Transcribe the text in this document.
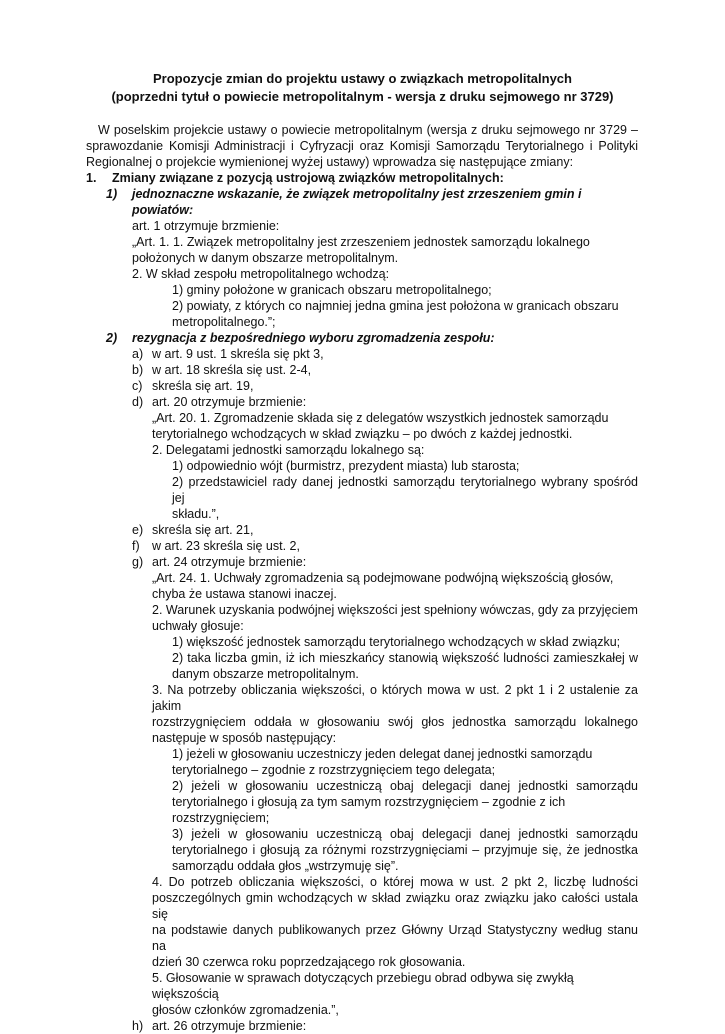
Propozycje zmian do projektu ustawy o związkach metropolitalnych
(poprzedni tytuł o powiecie metropolitalnym - wersja z druku sejmowego nr 3729)
W poselskim projekcie ustawy o powiecie metropolitalnym (wersja z druku sejmowego nr 3729 –
sprawozdanie Komisji Administracji i Cyfryzacji oraz Komisji Samorządu Terytorialnego i Polityki
Regionalnej o projekcie wymienionej wyżej ustawy) wprowadza się następujące zmiany:
1. Zmiany związane z pozycją ustrojową związków metropolitalnych:
1) jednoznaczne wskazanie, że związek metropolitalny jest zrzeszeniem gmin i powiatów:
art. 1 otrzymuje brzmienie:
„Art. 1. 1. Związek metropolitalny jest zrzeszeniem jednostek samorządu lokalnego
położonych w danym obszarze metropolitalnym.
2. W skład zespołu metropolitalnego wchodzą:
1) gminy położone w granicach obszaru metropolitalnego;
2) powiaty, z których co najmniej jedna gmina jest położona w granicach obszaru
metropolitalnego.”;
2) rezygnacja z bezpośredniego wyboru zgromadzenia zespołu:
a) w art. 9 ust. 1 skreśla się pkt 3,
b) w art. 18 skreśla się ust. 2-4,
c) skreśla się art. 19,
d) art. 20 otrzymuje brzmienie:
„Art. 20. 1. Zgromadzenie składa się z delegatów wszystkich jednostek samorządu
terytorialnego wchodzących w skład związku – po dwóch z każdej jednostki.
2. Delegatami jednostki samorządu lokalnego są:
1) odpowiednio wójt (burmistrz, prezydent miasta) lub starosta;
2) przedstawiciel rady danej jednostki samorządu terytorialnego wybrany spośród jej
składu.”,
e) skreśla się art. 21,
f) w art. 23 skreśla się ust. 2,
g) art. 24 otrzymuje brzmienie:
„Art. 24. 1. Uchwały zgromadzenia są podejmowane podwójną większością głosów,
chyba że ustawa stanowi inaczej.
2. Warunek uzyskania podwójnej większości jest spełniony wówczas, gdy za przyjęciem
uchwały głosuje:
1) większość jednostek samorządu terytorialnego wchodzących w skład związku;
2) taka liczba gmin, iż ich mieszkańcy stanowią większość ludności zamieszkałej w
danym obszarze metropolitalnym.
3. Na potrzeby obliczania większości, o których mowa w ust. 2 pkt 1 i 2 ustalenie za jakim
rozstrzygnięciem oddała w głosowaniu swój głos jednostka samorządu lokalnego
następuje w sposób następujący:
1) jeżeli w głosowaniu uczestniczy jeden delegat danej jednostki samorządu
terytorialnego – zgodnie z rozstrzygnięciem tego delegata;
2) jeżeli w głosowaniu uczestniczą obaj delegacji danej jednostki samorządu
terytorialnego i głosują za tym samym rozstrzygnięciem – zgodnie z ich rozstrzygnięciem;
3) jeżeli w głosowaniu uczestniczą obaj delegacji danej jednostki samorządu
terytorialnego i głosują za różnymi rozstrzygnięciami – przyjmuje się, że jednostka
samorządu oddała głos „wstrzymuję się”.
4. Do potrzeb obliczania większości, o której mowa w ust. 2 pkt 2, liczbę ludności
poszczególnych gmin wchodzących w skład związku oraz związku jako całości ustala się
na podstawie danych publikowanych przez Główny Urząd Statystyczny według stanu na
dzień 30 czerwca roku poprzedzającego rok głosowania.
5. Głosowanie w sprawach dotyczących przebiegu obrad odbywa się zwykłą większością
głosów członków zgromadzenia.”,
h) art. 26 otrzymuje brzmienie:
